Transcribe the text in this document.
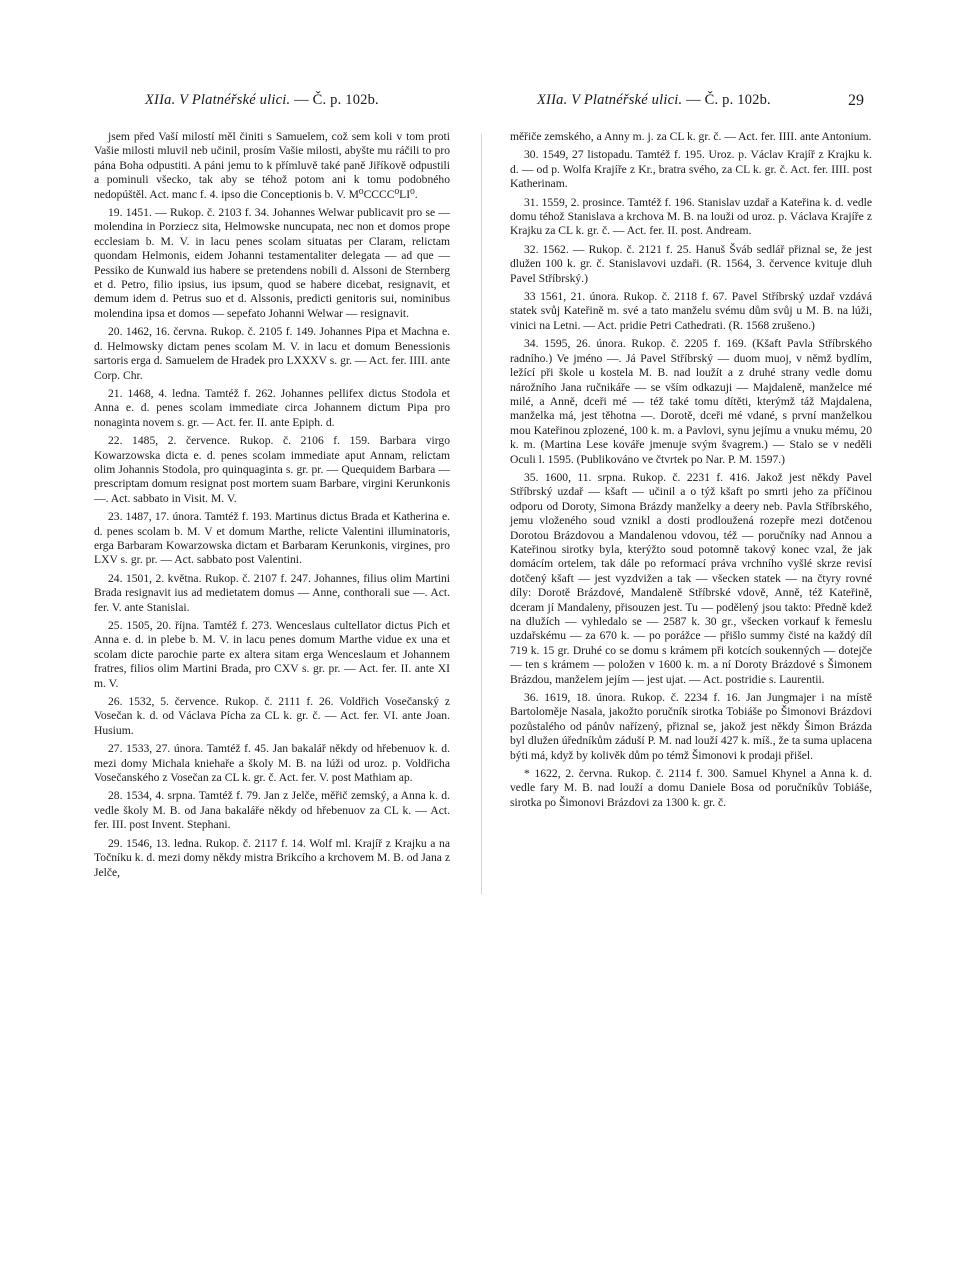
XIIa. V Platnéřské ulici. — Č. p. 102b.	XIIa. V Platnéřské ulici. — Č. p. 102b.	29

jsem před Vaší milostí měl činiti s Samuelem, což sem koli v tom proti Vašie milosti mluvil neb učinil, prosím Vašie milosti, abyšte mu ráčili to pro pána Boha odpustiti. A páni jemu to k přímluvě také paně Jiříkově odpustili a pominuli všecko, tak aby se téhož potom ani k tomu podobného nedopúštěl. Act. manc f. 4. ipso die Conceptionis b. V. M⁰CCCC⁰LI⁰.

19. 1451. — Rukop. č. 2103 f. 34. Johannes Welwar publicavit pro se — molendina in Porziecz sita, Helmowske nuncupata, nec non et domos prope ecclesiam b. M. V. in lacu penes scolam situatas per Claram, relictam quondam Helmonis, eidem Johanni testamentaliter delegata — ad que — Pessiko de Kunwald ius habere se pretendens nobili d. Alssoni de Sternberg et d. Petro, filio ipsius, ius ipsum, quod se habere dicebat, resignavit, et demum idem d. Petrus suo et d. Alssonis, predicti genitoris sui, nominibus molendina ipsa et domos — sepefato Johanni Welwar — resignavit.

20. 1462, 16. června. Rukop. č. 2105 f. 149. Johannes Pipa et Machna e. d. Helmowsky dictam penes scolam M. V. in lacu et domum Benessionis sartoris erga d. Samuelem de Hradek pro LXXXV s. gr. — Act. fer. IIII. ante Corp. Chr.

21. 1468, 4. ledna. Tamtéž f. 262. Johannes pellifex dictus Stodola et Anna e. d. penes scolam immediate circa Johannem dictum Pipa pro nonaginta novem s. gr. — Act. fer. II. ante Epiph. d.

22. 1485, 2. července. Rukop. č. 2106 f. 159. Barbara virgo Kowarzowska dicta e. d. penes scolam immediate aput Annam, relictam olim Johannis Stodola, pro quinquaginta s. gr. pr. — Quequidem Barbara — prescriptam domum resignat post mortem suam Barbare, virgini Kerunkonis —. Act. sabbato in Visit. M. V.

23. 1487, 17. února. Tamtéž f. 193. Martinus dictus Brada et Katherina e. d. penes scolam b. M. V et domum Marthe, relicte Valentini illuminatoris, erga Barbaram Kowarzowska dictam et Barbaram Kerunkonis, virgines, pro LXV s. gr. pr. — Act. sabbato post Valentini.

24. 1501, 2. května. Rukop. č. 2107 f. 247. Johannes, filius olim Martini Brada resignavit ius ad medietatem domus — Anne, conthorali sue —. Act. fer. V. ante Stanislai.

25. 1505, 20. října. Tamtéž f. 273. Wenceslaus cultellator dictus Pich et Anna e. d. in plebe b. M. V. in lacu penes domum Marthe vidue ex una et scolam dicte parochie parte ex altera sitam erga Wenceslaum et Johannem fratres, filios olim Martini Brada, pro CXV s. gr. pr. — Act. fer. II. ante XI m. V.

26. 1532, 5. července. Rukop. č. 2111 f. 26. Voldřich Vosečanský z Vosečan k. d. od Václava Pícha za CL k. gr. č. — Act. fer. VI. ante Joan. Husium.

27. 1533, 27. února. Tamtéž f. 45. Jan bakalář někdy od hřebenuov k. d. mezi domy Michala kniehaře a školy M. B. na lúži od uroz. p. Voldřicha Vosečanského z Vosečan za CL k. gr. č. Act. fer. V. post Mathiam ap.

28. 1534, 4. srpna. Tamtéž f. 79. Jan z Jelče, měřič zemský, a Anna k. d. vedle školy M. B. od Jana bakaláře někdy od hřebenuov za CL k. — Act. fer. III. post Invent. Stephani.

29. 1546, 13. ledna. Rukop. č. 2117 f. 14. Wolf ml. Krajíř z Krajku a na Točníku k. d. mezi domy někdy mistra Brikcího a krchovem M. B. od Jana z Jelče,

měřiče zemského, a Anny m. j. za CL k. gr. č. — Act. fer. IIII. ante Antonium.

30. 1549, 27 listopadu. Tamtéž f. 195. Uroz. p. Václav Krajíř z Krajku k. d. — od p. Wolfa Krajíře z Kr., bratra svého, za CL k. gr. č. Act. fer. IIII. post Katherinam.

31. 1559, 2. prosince. Tamtéž f. 196. Stanislav uzdař a Kateřina k. d. vedle domu téhož Stanislava a krchova M. B. na louži od uroz. p. Václava Krajíře z Krajku za CL k. gr. č. — Act. fer. II. post. Andream.

32. 1562. — Rukop. č. 2121 f. 25. Hanuš Šváb sedlář přiznal se, že jest dlužen 100 k. gr. č. Stanislavovi uzdaři. (R. 1564, 3. července kvituje dluh Pavel Stříbrský.)

33 1561, 21. února. Rukop. č. 2118 f. 67. Pavel Stříbrský uzdař vzdává statek svůj Kateřině m. své a tato manželu svému dům svůj u M. B. na lúži, vinici na Letni. — Act. pridie Petri Cathedrati. (R. 1568 zrušeno.)

34. 1595, 26. února. Rukop. č. 2205 f. 169. (Kšaft Pavla Stříbrského radního.) Ve jméno —. Já Pavel Stříbrský — duom muoj, v němž bydlím, ležící při škole u kostela M. B. nad loužít a z druhé strany vedle domu nárožního Jana ručnikáře — se vším odkazuji — Majdaleně, manželce mé milé, a Anně, dceři mé — též také tomu dítěti, kterýmž táž Majdalena, manželka má, jest těhotna —. Dorotě, dceři mé vdané, s první manželkou mou Kateřinou zplozené, 100 k. m. a Pavlovi, synu jejímu a vnuku mému, 20 k. m. (Martina Lese kováře jmenuje svým švagrem.) — Stalo se v neděli Oculi l. 1595. (Publikováno ve čtvrtek po Nar. P. M. 1597.)

35. 1600, 11. srpna. Rukop. č. 2231 f. 416. Jakož jest někdy Pavel Stříbrský uzdař — kšaft — učinil a o týž kšaft po smrti jeho za příčinou odporu od Doroty, Simona Brázdy manželky a deery neb. Pavla Stříbrského, jemu vloženého soud vznikl a dosti prodloužená rozepře mezi dotčenou Dorotou Brázdovou a Mandalenou vdovou, též — poručníky nad Annou a Kateřinou sirotky byla, kterýžto soud potomně takový konec vzal, že jak domácím ortelem, tak dále po reformací práva vrchního vyšlé skrze revisí dotčený kšaft — jest vyzdvižen a tak — všecken statek — na čtyry rovné díly: Dorotě Brázdové, Mandaleně Stříbrské vdově, Anně, též Kateřině, dceram jí Mandaleny, přisouzen jest. Tu — podělený jsou takto: Předně kdež na dlužích — vyhledalo se — 2587 k. 30 gr., všecken vorkauf k řemeslu uzdařskému — za 670 k. — po porážce — přišlo summy čisté na každý díl 719 k. 15 gr. Druhé co se domu s krámem při kotcích soukenných — dotejče — ten s krámem — položen v 1600 k. m. a ní Doroty Brázdové s Šimonem Brázdou, manželem jejím — jest ujat. — Act. postridie s. Laurentii.

36. 1619, 18. února. Rukop. č. 2234 f. 16. Jan Jungmajer i na místě Bartoloměje Nasala, jakožto poručník sirotka Tobiáše po Šimonovi Brázdovi pozůstalého od pánův nařízený, přiznal se, jakož jest někdy Šimon Brázda byl dlužen úředníkům záduší P. M. nad louží 427 k. míš., že ta suma uplacena býti má, když by kolivěk dům po témž Šimonovi k prodaji přišel.

* 1622, 2. června. Rukop. č. 2114 f. 300. Samuel Khynel a Anna k. d. vedle fary M. B. nad louží a domu Daniele Bosa od poručníkův Tobiáše, sirotka po Šimonovi Brázdovi za 1300 k. gr. č.
